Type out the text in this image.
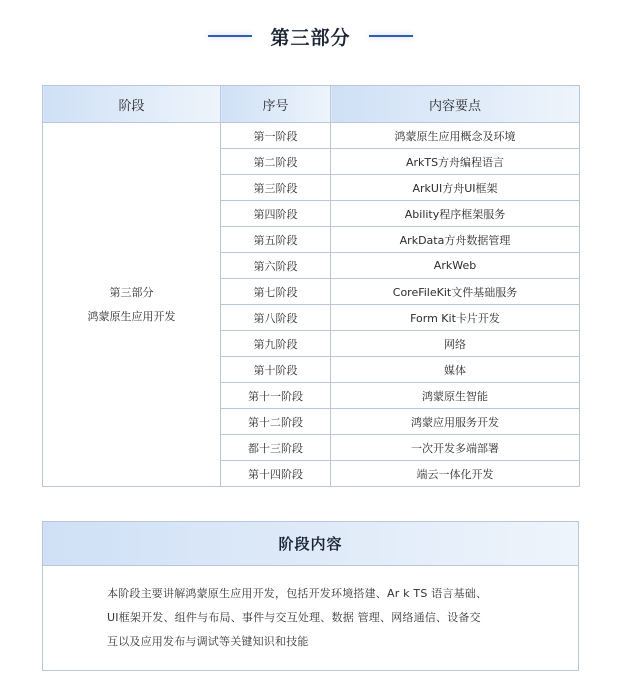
第三部分
阶段	序号	内容要点

第三部分
鸿蒙原生应用开发	第一阶段	鸿蒙原生应用概念及环境
	第二阶段	ArkTS方舟编程语言
	第三阶段	ArkUI方舟UI框架
	第四阶段	Ability程序框架服务
	第五阶段	ArkData方舟数据管理
	第六阶段	ArkWeb
	第七阶段	CoreFileKit文件基础服务
	第八阶段	Form Kit卡片开发
	第九阶段	网络
	第十阶段	媒体
	第十一阶段	鸿蒙原生智能
	第十二阶段	鸿蒙应用服务开发
	都十三阶段	一次开发多端部署
	第十四阶段	端云一体化开发
阶段内容
本阶段主要讲解鸿蒙原生应用开发，包括开发环境搭建、Ar k TS 语言基础、
UI框架开发、组件与布局、事件与交互处理、数据 管理、网络通信、设备交
互以及应用发布与调试等关键知识和技能
